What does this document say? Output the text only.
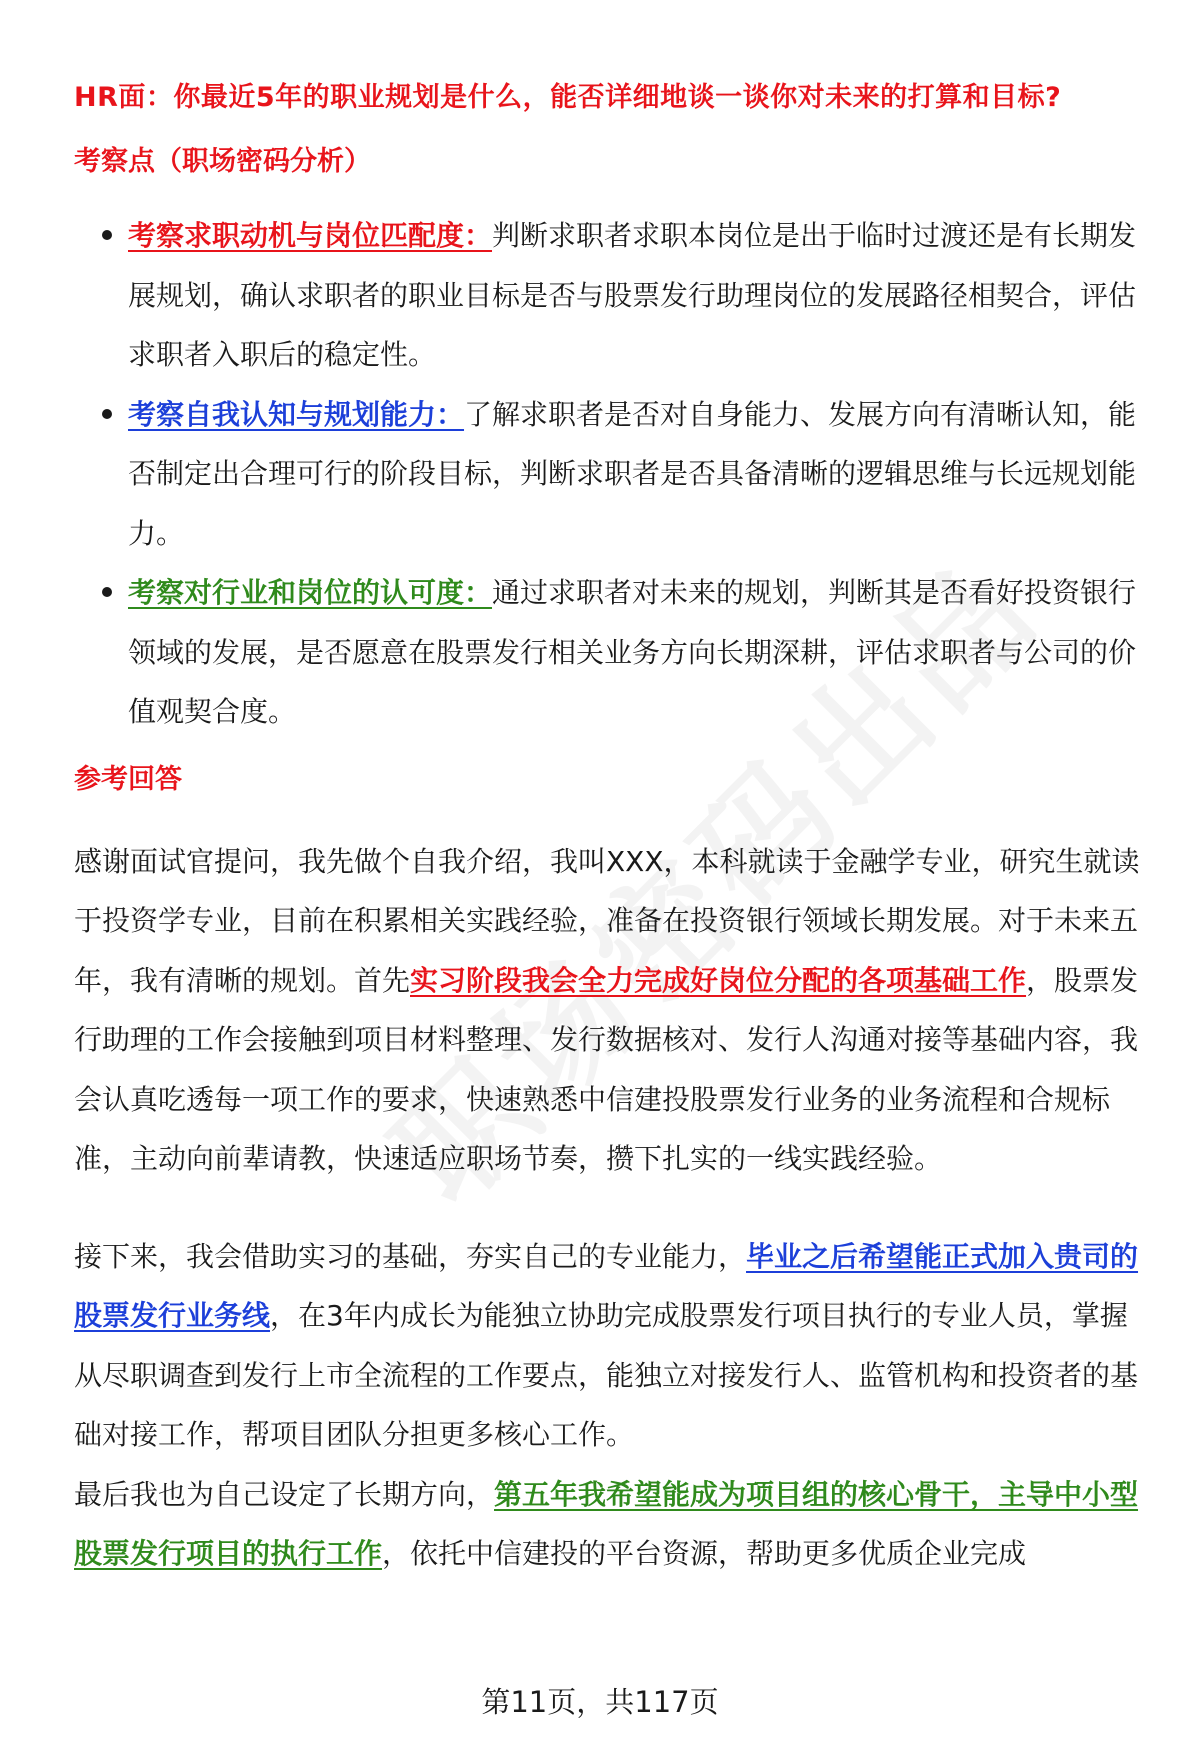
HR面：你最近5年的职业规划是什么，能否详细地谈一谈你对未来的打算和目标?
考察点（职场密码分析）
考察求职动机与岗位匹配度：判断求职者求职本岗位是出于临时过渡还是有长期发展规划，确认求职者的职业目标是否与股票发行助理岗位的发展路径相契合，评估求职者入职后的稳定性。
考察自我认知与规划能力：了解求职者是否对自身能力、发展方向有清晰认知，能否制定出合理可行的阶段目标，判断求职者是否具备清晰的逻辑思维与长远规划能力。
考察对行业和岗位的认可度：通过求职者对未来的规划，判断其是否看好投资银行领域的发展，是否愿意在股票发行相关业务方向长期深耕，评估求职者与公司的价值观契合度。
参考回答

感谢面试官提问，我先做个自我介绍，我叫XXX，本科就读于金融学专业，研究生就读于投资学专业，目前在积累相关实践经验，准备在投资银行领域长期发展。对于未来五年，我有清晰的规划。首先实习阶段我会全力完成好岗位分配的各项基础工作，股票发行助理的工作会接触到项目材料整理、发行数据核对、发行人沟通对接等基础内容，我会认真吃透每一项工作的要求，快速熟悉中信建投股票发行业务的业务流程和合规标准，主动向前辈请教，快速适应职场节奏，攒下扎实的一线实践经验。

接下来，我会借助实习的基础，夯实自己的专业能力，毕业之后希望能正式加入贵司的股票发行业务线，在3年内成长为能独立协助完成股票发行项目执行的专业人员，掌握从尽职调查到发行上市全流程的工作要点，能独立对接发行人、监管机构和投资者的基础对接工作，帮项目团队分担更多核心工作。

最后我也为自己设定了长期方向，第五年我希望能成为项目组的核心骨干，主导中小型股票发行项目的执行工作，依托中信建投的平台资源，帮助更多优质企业完成

第11页，共117页
